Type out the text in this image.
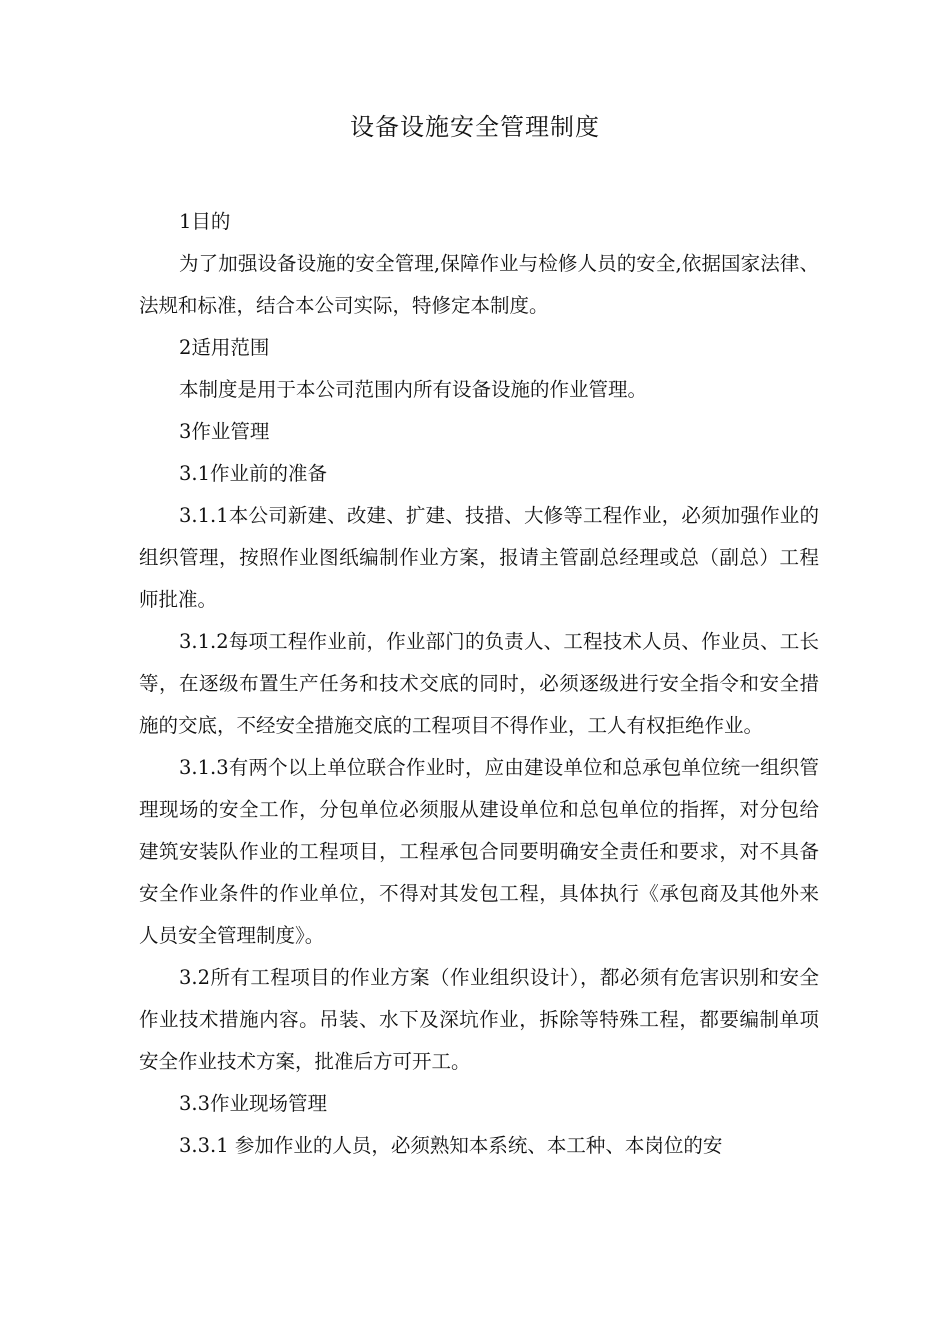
设备设施安全管理制度

1目的

为了加强设备设施的安全管理,保障作业与检修人员的安全,依据国家法律、法规和标准，结合本公司实际，特修定本制度。

2适用范围

本制度是用于本公司范围内所有设备设施的作业管理。

3作业管理

3.1作业前的准备

3.1.1本公司新建、改建、扩建、技措、大修等工程作业，必须加强作业的组织管理，按照作业图纸编制作业方案，报请主管副总经理或总（副总）工程师批准。

3.1.2每项工程作业前，作业部门的负责人、工程技术人员、作业员、工长等，在逐级布置生产任务和技术交底的同时，必须逐级进行安全指令和安全措施的交底，不经安全措施交底的工程项目不得作业，工人有权拒绝作业。

3.1.3有两个以上单位联合作业时，应由建设单位和总承包单位统一组织管理现场的安全工作，分包单位必须服从建设单位和总包单位的指挥，对分包给建筑安装队作业的工程项目，工程承包合同要明确安全责任和要求，对不具备安全作业条件的作业单位，不得对其发包工程，具体执行《承包商及其他外来人员安全管理制度》。

3.2所有工程项目的作业方案（作业组织设计），都必须有危害识别和安全作业技术措施内容。吊装、水下及深坑作业，拆除等特殊工程，都要编制单项安全作业技术方案，批准后方可开工。

3.3作业现场管理

3.3.1 参加作业的人员，必须熟知本系统、本工种、本岗位的安
